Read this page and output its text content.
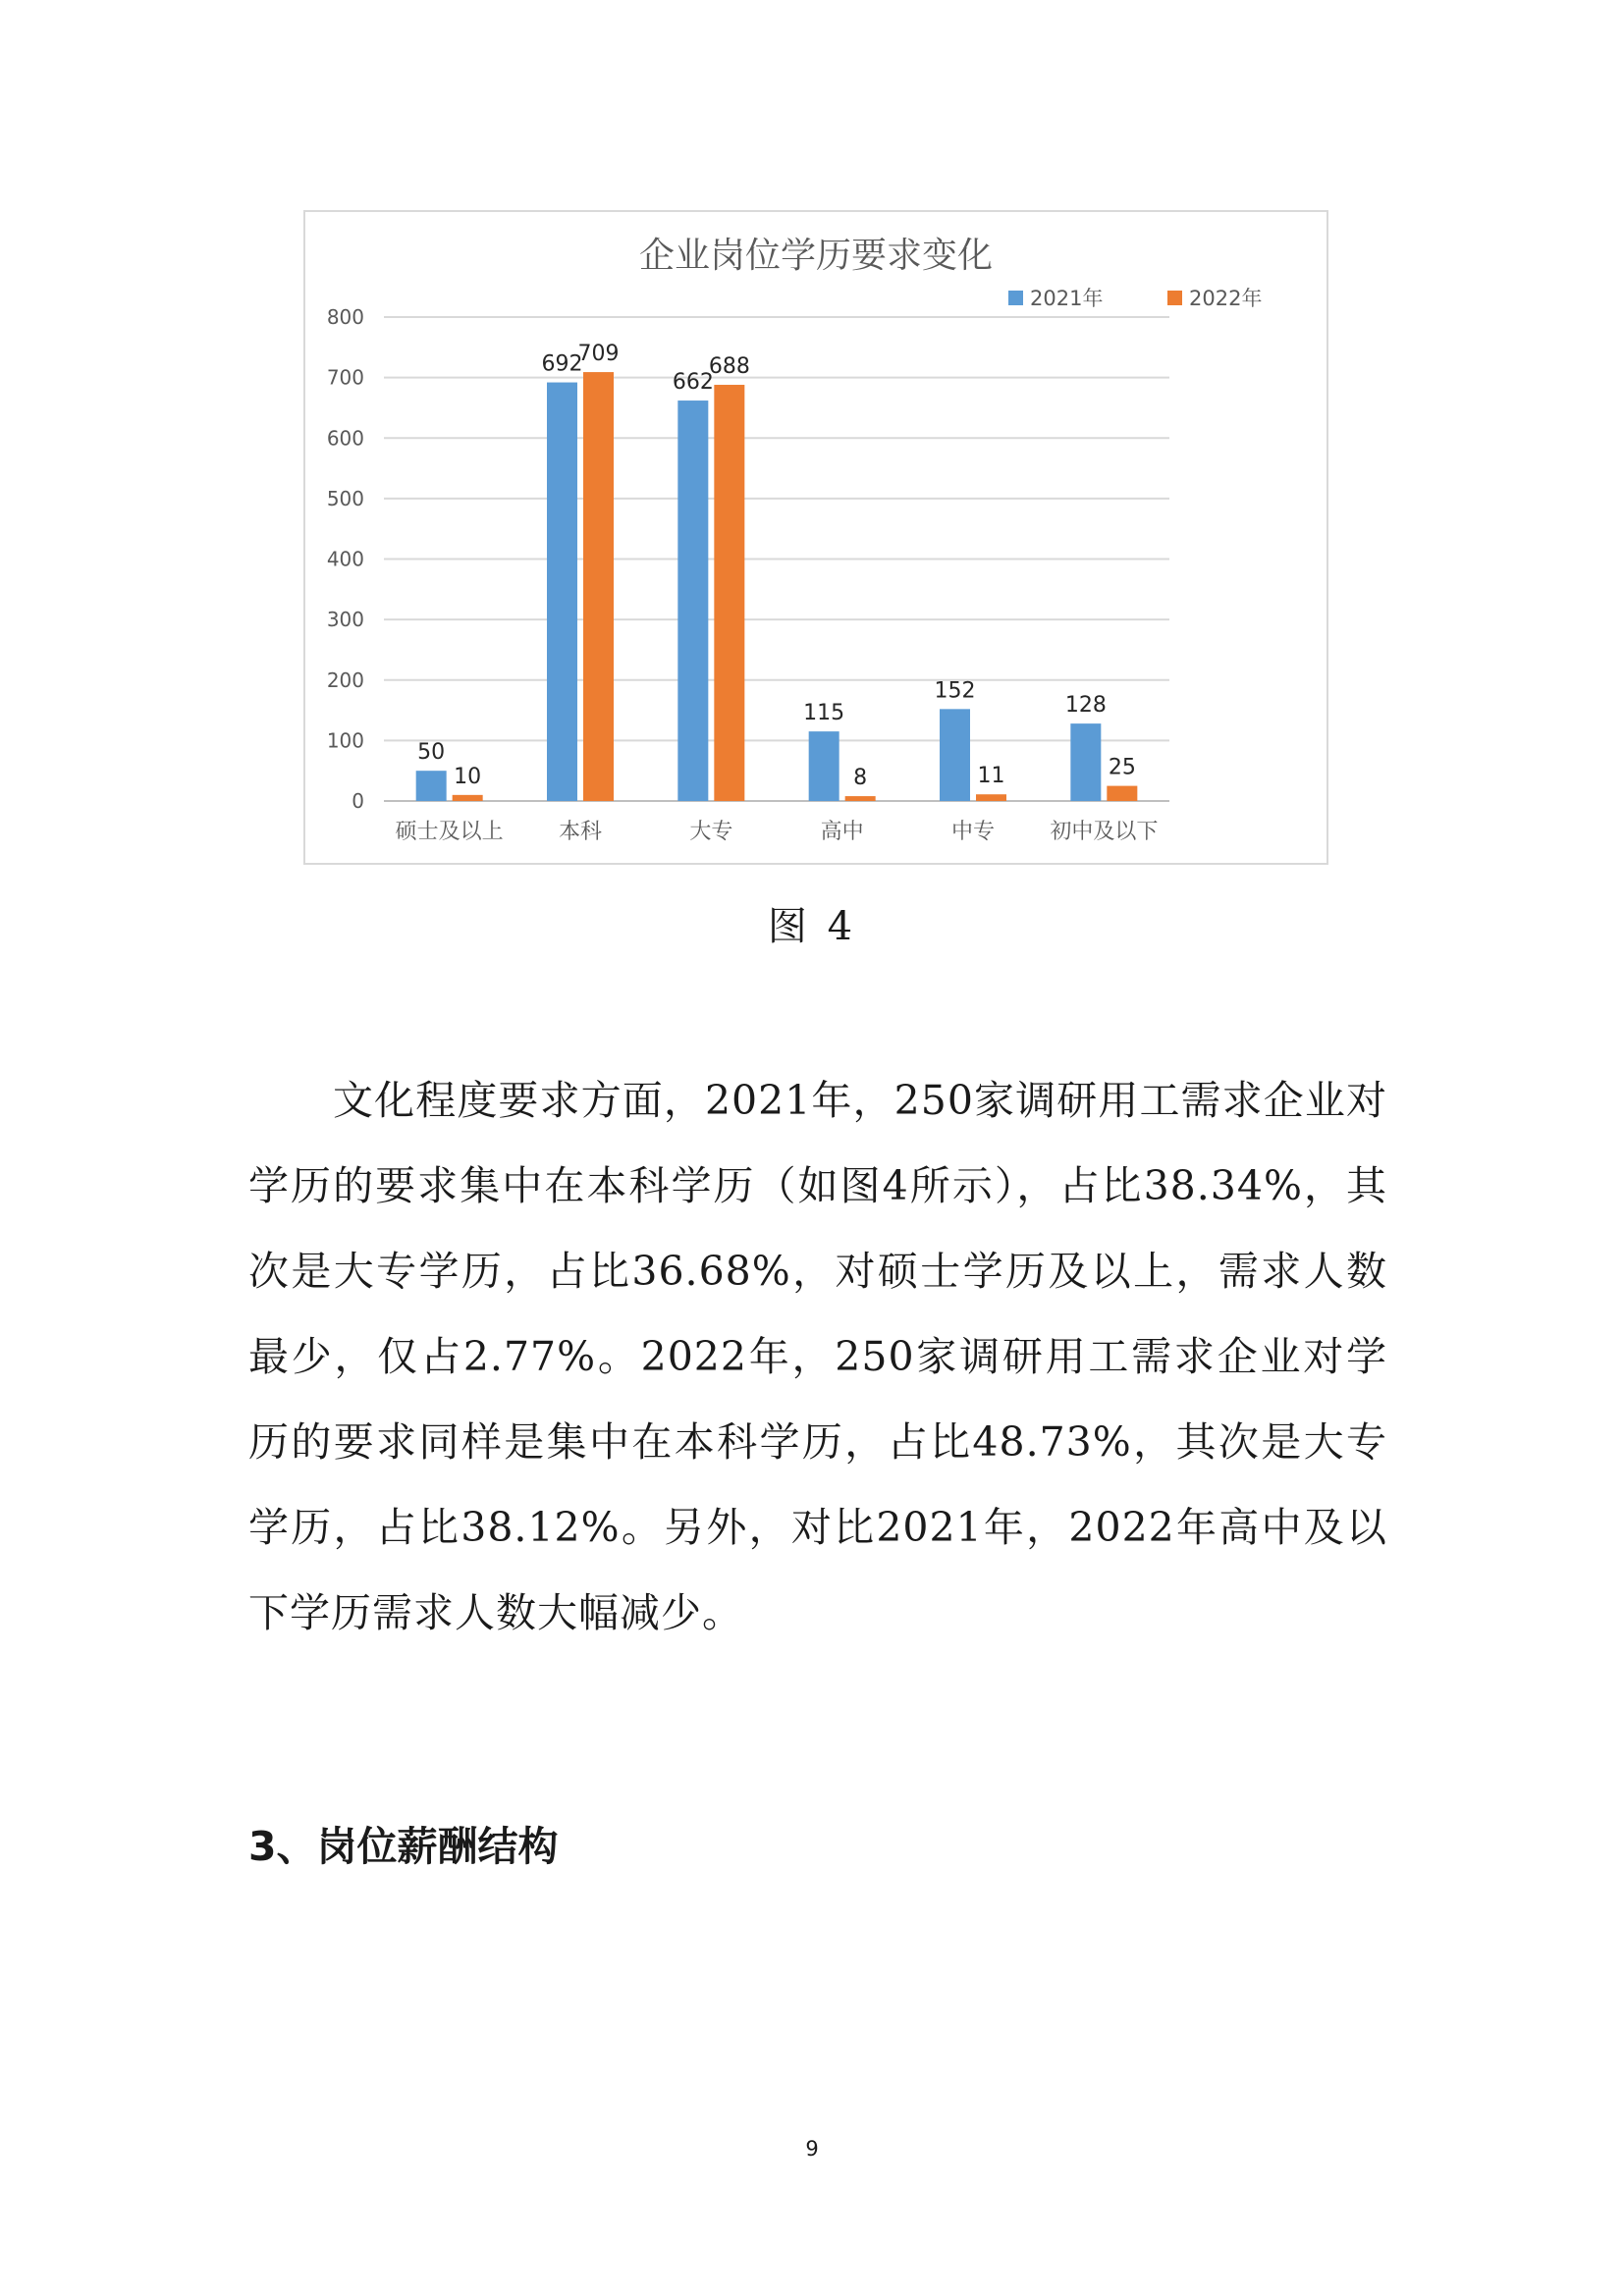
企业岗位学历要求变化
0
100
200
300
400
500
600
700
800
硕士及以上
50
10
本科
692
709
大专
662
688
高中
115
8
中专
152
11
初中及以下
128
25
2021年	2022年
图 4

文化程度要求方面，2021年，250家调研用工需求企业对学历的要求集中在本科学历（如图4所示），占比38.34%，其次是大专学历，占比36.68%，对硕士学历及以上，需求人数最少，仅占2.77%。2022年，250家调研用工需求企业对学历的要求同样是集中在本科学历，占比48.73%，其次是大专学历，占比38.12%。另外，对比2021年，2022年高中及以下学历需求人数大幅减少。

3、岗位薪酬结构
9
